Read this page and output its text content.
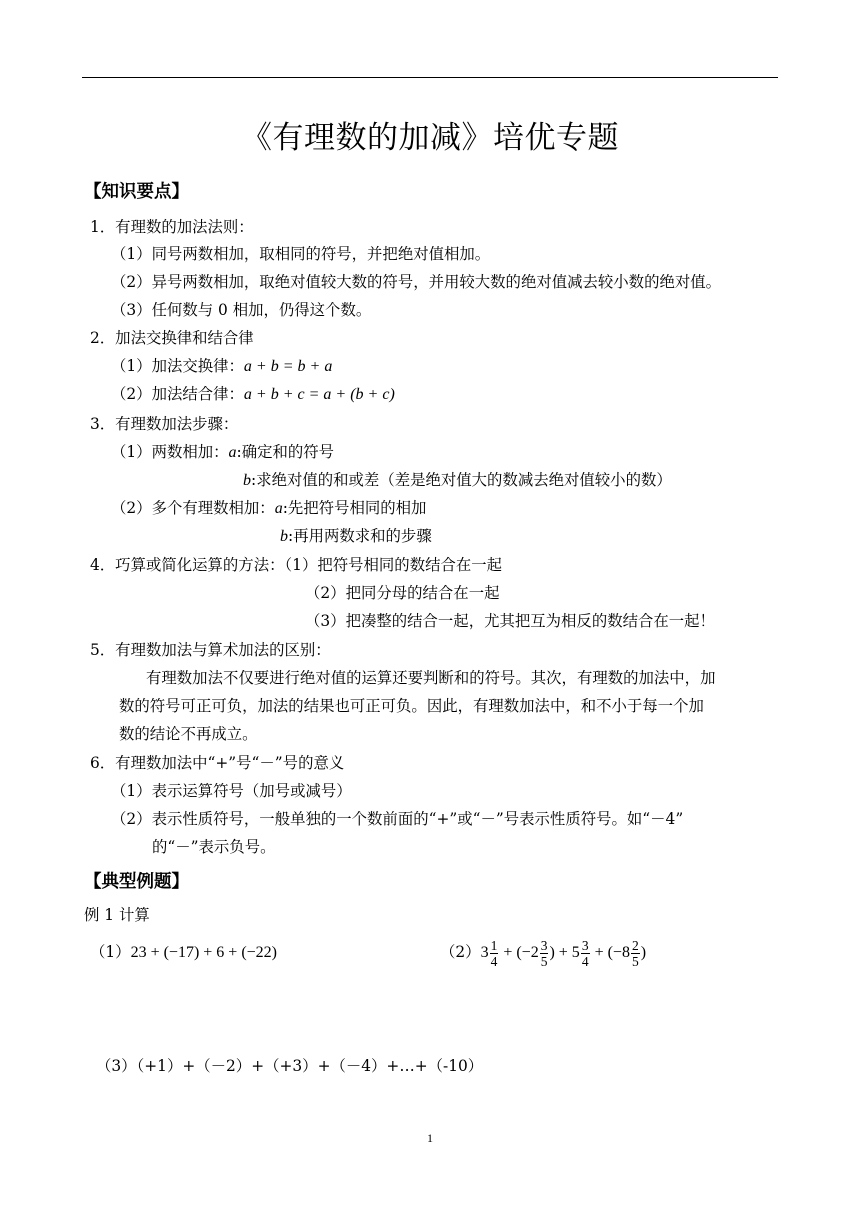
《有理数的加减》培优专题
【知识要点】
1．有理数的加法法则：
（1）同号两数相加，取相同的符号，并把绝对值相加。
（2）异号两数相加，取绝对值较大数的符号，并用较大数的绝对值减去较小数的绝对值。
（3）任何数与 0 相加，仍得这个数。
2．加法交换律和结合律
（1）加法交换律：a + b = b + a
（2）加法结合律：a + b + c = a + (b + c)
3．有理数加法步骤：
（1）两数相加：a:确定和的符号
b:求绝对值的和或差（差是绝对值大的数减去绝对值较小的数）
（2）多个有理数相加：a:先把符号相同的相加
b:再用两数求和的步骤
4．巧算或简化运算的方法：（1）把符号相同的数结合在一起
（2）把同分母的结合在一起
（3）把凑整的结合一起，尤其把互为相反的数结合在一起！
5．有理数加法与算术加法的区别：
有理数加法不仅要进行绝对值的运算还要判断和的符号。其次，有理数的加法中，加
数的符号可正可负，加法的结果也可正可负。因此，有理数加法中，和不小于每一个加
数的结论不再成立。
6．有理数加法中“+”号“－”号的意义
（1）表示运算符号（加号或减号）
（2）表示性质符号，一般单独的一个数前面的“+”或“－”号表示性质符号。如“－4”
的“－”表示负号。
【典型例题】
例 1 计算
（1）23 + (−17) + 6 + (−22)	$(2)3 \frac{1}{4} + (-2 \frac{3}{5}$ ) + $5 \frac{3}{4} + (-8 \frac{2}{5}$ )
（3）（+1）+（－2）+（+3）+（－4）+…+（-10）
1
